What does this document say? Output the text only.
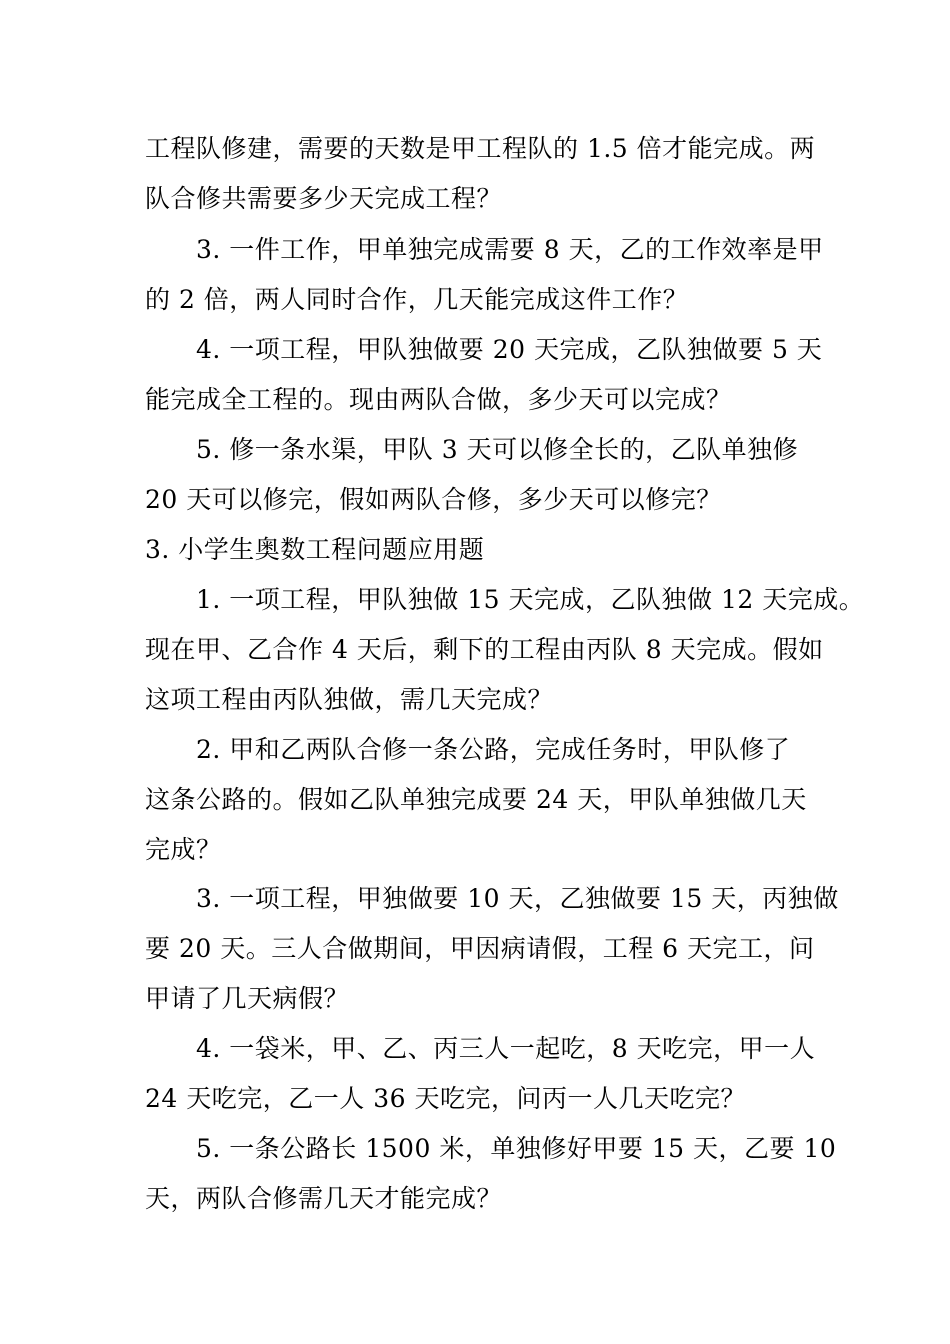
工程队修建，需要的天数是甲工程队的 1.5 倍才能完成。两
队合修共需要多少天完成工程？
3. 一件工作，甲单独完成需要 8 天，乙的工作效率是甲
的 2 倍，两人同时合作，几天能完成这件工作？
4. 一项工程，甲队独做要 20 天完成，乙队独做要 5 天
能完成全工程的。现由两队合做，多少天可以完成？
5. 修一条水渠，甲队 3 天可以修全长的，乙队单独修
20 天可以修完，假如两队合修，多少天可以修完？
3. 小学生奥数工程问题应用题
1. 一项工程，甲队独做 15 天完成，乙队独做 12 天完成。
现在甲、乙合作 4 天后，剩下的工程由丙队 8 天完成。假如
这项工程由丙队独做，需几天完成？
2. 甲和乙两队合修一条公路，完成任务时，甲队修了
这条公路的。假如乙队单独完成要 24 天，甲队单独做几天
完成？
3. 一项工程，甲独做要 10 天，乙独做要 15 天，丙独做
要 20 天。三人合做期间，甲因病请假，工程 6 天完工，问
甲请了几天病假？
4. 一袋米，甲、乙、丙三人一起吃，8 天吃完，甲一人
24 天吃完，乙一人 36 天吃完，问丙一人几天吃完？
5. 一条公路长 1500 米，单独修好甲要 15 天，乙要 10
天，两队合修需几天才能完成？
